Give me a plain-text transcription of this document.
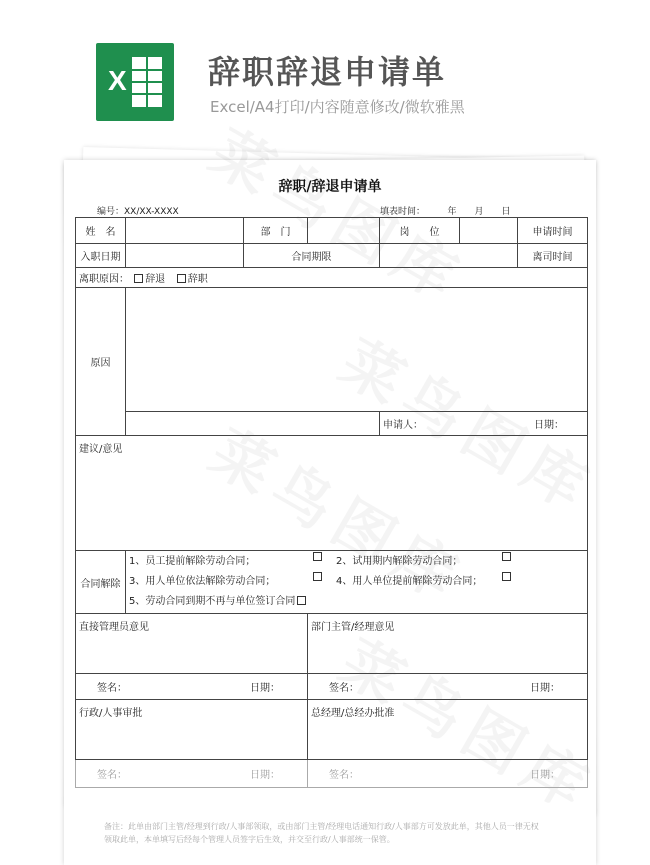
X	辞职辞退申请单
Excel/A4打印/内容随意修改/微软雅黑
辞职/辞退申请单
编号：XX/XX-XXXX	填表时间：　　　年　　月　　日
姓　名		部　门		岗　　位		申请时间
入职日期		合同期限				离司时间
离职原因： 辞退 辞职						
原因						

				申请人： 日期：		

建议/意见						
合同解除	1、员工提前解除劳动合同； 2、试用期内解除劳动合同；
3、用人单位依法解除劳动合同； 4、用人单位提前解除劳动合同；
5、劳动合同到期不再与单位签订合同					

直接管理员意见			部门主管/经理意见			

签名： 日期：			签名： 日期：			

行政/人事审批			总经理/总经办批准			

签名： 日期：			签名： 日期：			
备注：此单由部门主管/经理到行政/人事部领取，或由部门主管/经理电话通知行政/人事部方可发放此单，其他人员一律无权领取此单，本单填写后经每个管理人员签字后生效，并交至行政/人事部统一保管。
